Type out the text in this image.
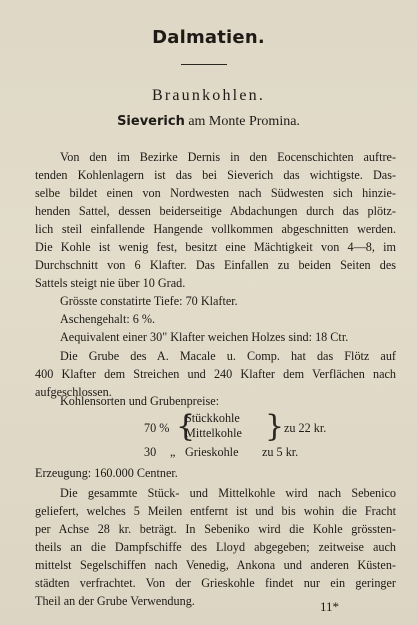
Dalmatien.
Braunkohlen.
Sieverich am Monte Promina.
Von den im Bezirke Dernis in den Eocenschichten auftre-
tenden Kohlenlagern ist das bei Sieverich das wichtigste. Das-
selbe bildet einen von Nordwesten nach Südwesten sich hinzie-
henden Sattel, dessen beiderseitige Abdachungen durch das plötz-
lich steil einfallende Hangende vollkommen abgeschnitten werden.
Die Kohle ist wenig fest, besitzt eine Mächtigkeit von 4—8, im
Durchschnitt von 6 Klafter. Das Einfallen zu beiden Seiten des
Sattels steigt nie über 10 Grad.
Grösste constatirte Tiefe: 70 Klafter.
Aschengehalt: 6 %.
Aequivalent einer 30" Klafter weichen Holzes sind: 18 Ctr.
Die Grube des A. Macale u. Comp. hat das Flötz auf
400 Klafter dem Streichen und 240 Klafter dem Verflächen nach
aufgeschlossen.
Kohlensorten und Grubenpreise:
70 % {
Stückkohle
Mittelkohle } zu 22 kr.
30 „ Grieskohle zu 5 kr.
Erzeugung: 160.000 Centner.
Die gesammte Stück- und Mittelkohle wird nach Sebenico
geliefert, welches 5 Meilen entfernt ist und bis wohin die Fracht
per Achse 28 kr. beträgt. In Sebeniko wird die Kohle grössten-
theils an die Dampfschiffe des Lloyd abgegeben; zeitweise auch
mittelst Segelschiffen nach Venedig, Ankona und anderen Küsten-
städten verfrachtet. Von der Grieskohle findet nur ein geringer
Theil an der Grube Verwendung.	11*
